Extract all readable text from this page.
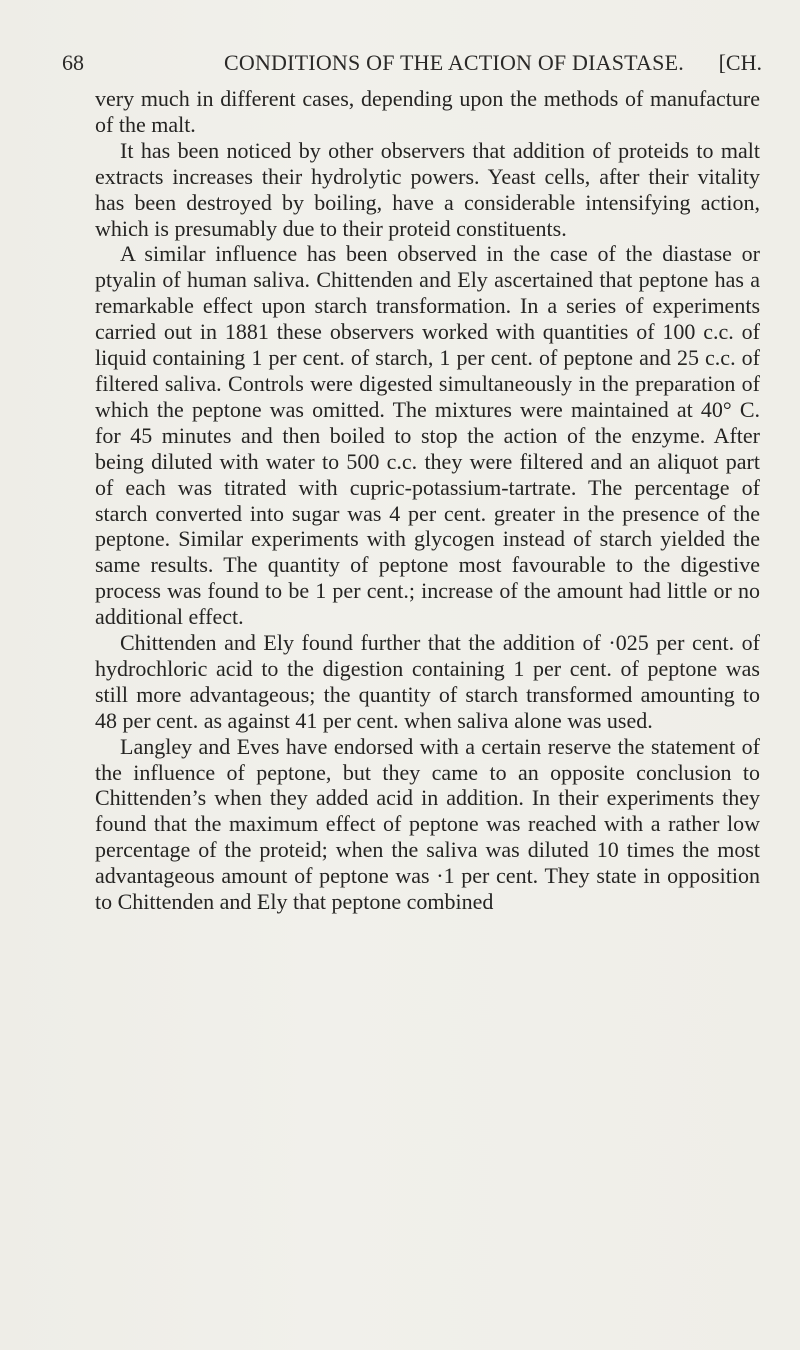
68	CONDITIONS OF THE ACTION OF DIASTASE. [CH.

very much in different cases, depending upon the methods of manufacture of the malt.

It has been noticed by other observers that addition of proteids to malt extracts increases their hydrolytic powers. Yeast cells, after their vitality has been destroyed by boiling, have a considerable intensifying action, which is presumably due to their proteid constituents.

A similar influence has been observed in the case of the diastase or ptyalin of human saliva. Chittenden and Ely ascertained that peptone has a remarkable effect upon starch transformation. In a series of experiments carried out in 1881 these observers worked with quantities of 100 c.c. of liquid containing 1 per cent. of starch, 1 per cent. of peptone and 25 c.c. of filtered saliva. Controls were digested simultaneously in the preparation of which the peptone was omitted. The mixtures were maintained at 40° C. for 45 minutes and then boiled to stop the action of the enzyme. After being diluted with water to 500 c.c. they were filtered and an aliquot part of each was titrated with cupric-potassium-tartrate. The percentage of starch converted into sugar was 4 per cent. greater in the presence of the peptone. Similar experiments with glycogen instead of starch yielded the same results. The quantity of peptone most favourable to the digestive process was found to be 1 per cent.; increase of the amount had little or no additional effect.

Chittenden and Ely found further that the addition of ·025 per cent. of hydrochloric acid to the digestion containing 1 per cent. of peptone was still more advantageous; the quantity of starch transformed amounting to 48 per cent. as against 41 per cent. when saliva alone was used.

Langley and Eves have endorsed with a certain reserve the statement of the influence of peptone, but they came to an opposite conclusion to Chittenden’s when they added acid in addition. In their experiments they found that the maximum effect of peptone was reached with a rather low percentage of the proteid; when the saliva was diluted 10 times the most advantageous amount of peptone was ·1 per cent. They state in opposition to Chittenden and Ely that peptone combined
